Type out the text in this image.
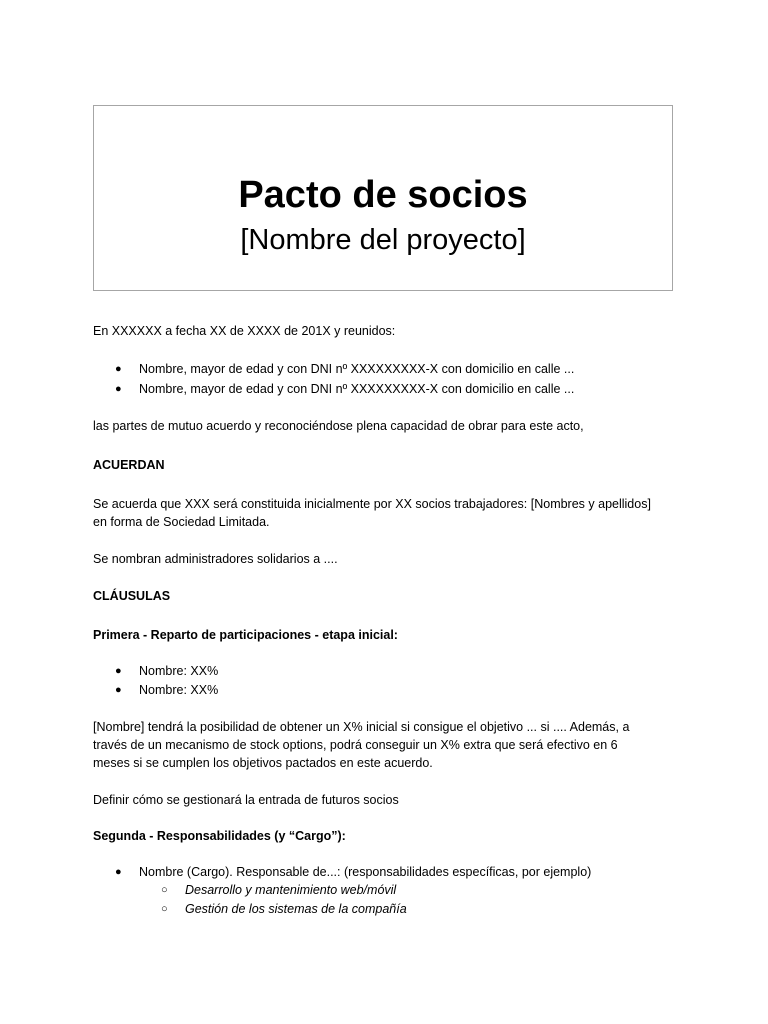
Pacto de socios
[Nombre del proyecto]
En XXXXXX a fecha XX de XXXX de 201X y reunidos:
● Nombre, mayor de edad y con DNI nº XXXXXXXXX-X con domicilio en calle ...
● Nombre, mayor de edad y con DNI nº XXXXXXXXX-X con domicilio en calle ...
las partes de mutuo acuerdo y reconociéndose plena capacidad de obrar para este acto,
ACUERDAN
Se acuerda que XXX será constituida inicialmente por XX socios trabajadores: [Nombres y apellidos]
en forma de Sociedad Limitada.
Se nombran administradores solidarios a ....
CLÁUSULAS
Primera - Reparto de participaciones - etapa inicial:
● Nombre: XX%
● Nombre: XX%
[Nombre] tendrá la posibilidad de obtener un X% inicial si consigue el objetivo ... si .... Además, a
través de un mecanismo de stock options, podrá conseguir un X% extra que será efectivo en 6
meses si se cumplen los objetivos pactados en este acuerdo.
Definir cómo se gestionará la entrada de futuros socios
Segunda - Responsabilidades (y “Cargo”):
● Nombre (Cargo). Responsable de...: (responsabilidades específicas, por ejemplo)
○ Desarrollo y mantenimiento web/móvil
○ Gestión de los sistemas de la compañía
